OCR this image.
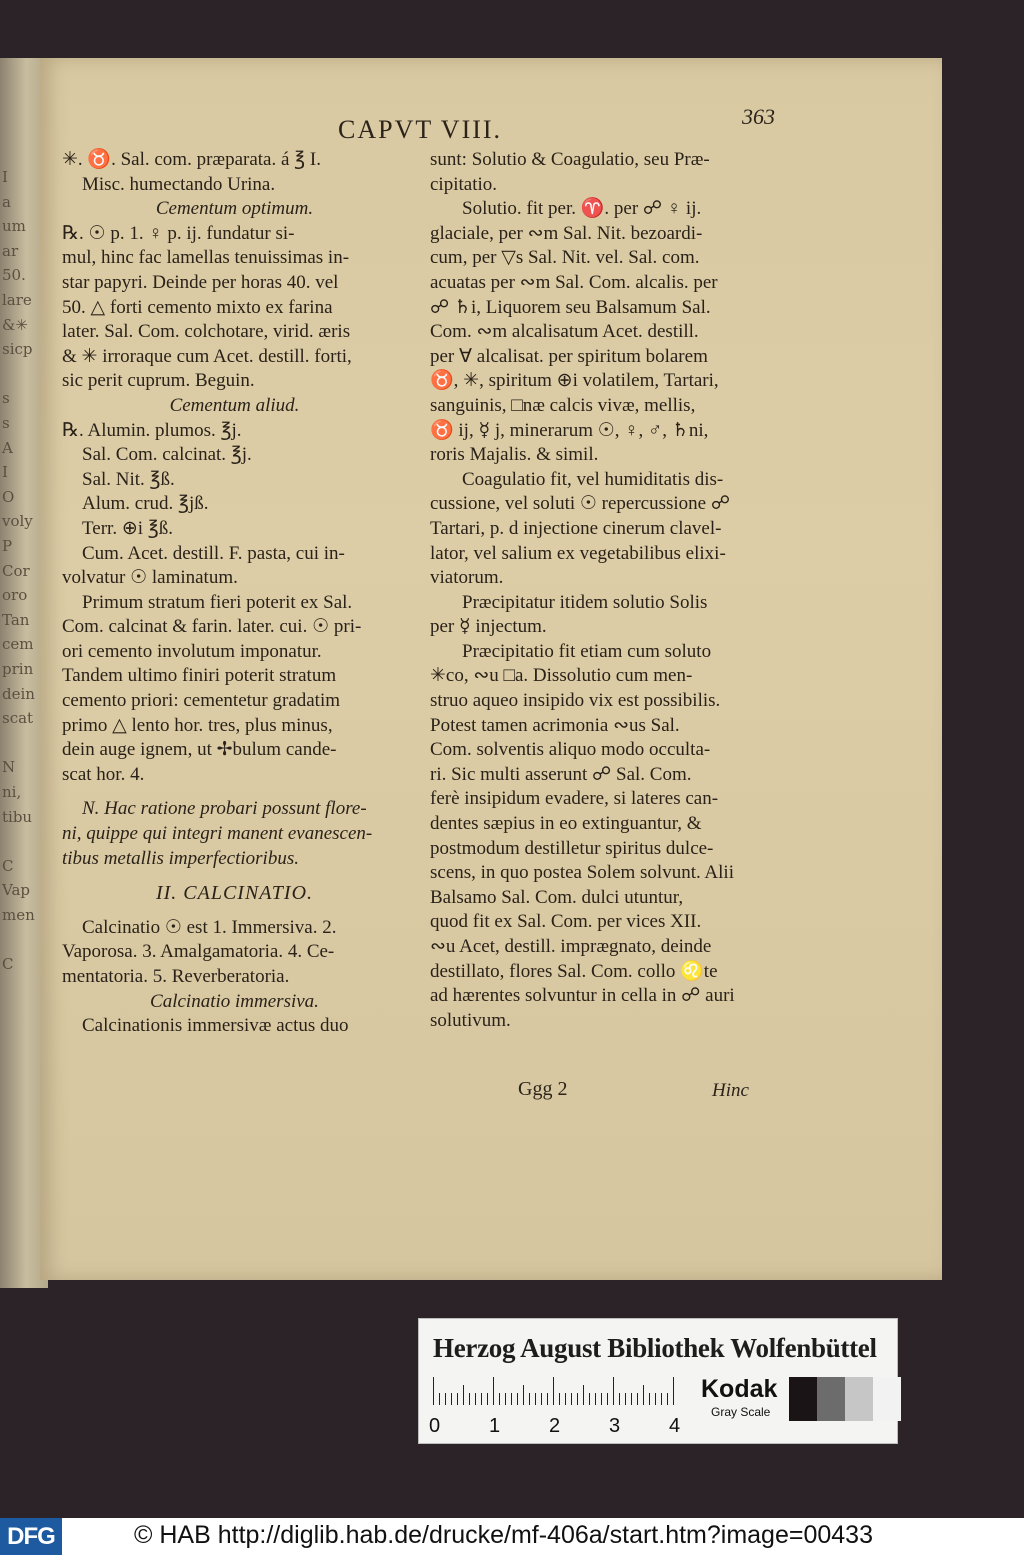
I
a
um
ar
50.
lare
&✳
sicp
s
s
A
I
O
voly
P
Cor
oro
Tan
cem
prin
dein
scat
N
ni,
tibu
C
Vap
men
C
CAPVT VIII.	363
✳. ♉. Sal. com. præparata. á ℥ I.
Misc. humectando Urina.
Cementum optimum.
℞. ☉ p. 1. ♀ p. ij. fundatur si-
mul, hinc fac lamellas tenuissimas in-
star papyri. Deinde per horas 40. vel
50. △ forti cemento mixto ex farina
later. Sal. Com. colchotare, virid. æris
& ✳ irroraque cum Acet. destill. forti,
sic perit cuprum. Beguin.
Cementum aliud.
℞. Alumin. plumos. ℥j.
Sal. Com. calcinat. ℥j.
Sal. Nit. ℥ß.
Alum. crud. ℥jß.
Terr. ⊕i ℥ß.
Cum. Acet. destill. F. pasta, cui in-
volvatur ☉ laminatum.
Primum stratum fieri poterit ex Sal.
Com. calcinat & farin. later. cui. ☉ pri-
ori cemento involutum imponatur.
Tandem ultimo finiri poterit stratum
cemento priori: cementetur gradatim
primo △ lento hor. tres, plus minus,
dein auge ignem, ut ✢bulum cande-
scat hor. 4.
N. Hac ratione probari possunt flore-
ni, quippe qui integri manent evanescen-
tibus metallis imperfectioribus.
II. CALCINATIO.
Calcinatio ☉ est 1. Immersiva. 2.
Vaporosa. 3. Amalgamatoria. 4. Ce-
mentatoria. 5. Reverberatoria.
Calcinatio immersiva.
Calcinationis immersivæ actus duo
sunt: Solutio & Coagulatio, seu Præ-
cipitatio.
Solutio. fit per. ♈. per ☍ ♀ ij.
glaciale, per ∾m Sal. Nit. bezoardi-
cum, per ▽s Sal. Nit. vel. Sal. com.
acuatas per ∾m Sal. Com. alcalis. per
☍ ♄i, Liquorem seu Balsamum Sal.
Com. ∾m alcalisatum Acet. destill.
per ∀ alcalisat. per spiritum bolarem
♉, ✳, spiritum ⊕i volatilem, Tartari,
sanguinis, □næ calcis vivæ, mellis,
♉ ij, ☿ j, minerarum ☉, ♀, ♂, ♄ni,
roris Majalis. & simil.
Coagulatio fit, vel humiditatis dis-
cussione, vel soluti ☉ repercussione ☍
Tartari, p. d injectione cinerum clavel-
lator, vel salium ex vegetabilibus elixi-
viatorum.
Præcipitatur itidem solutio Solis
per ☿ injectum.
Præcipitatio fit etiam cum soluto
✳co, ∾u □a. Dissolutio cum men-
struo aqueo insipido vix est possibilis.
Potest tamen acrimonia ∾us Sal.
Com. solventis aliquo modo occulta-
ri. Sic multi asserunt ☍ Sal. Com.
ferè insipidum evadere, si lateres can-
dentes sæpius in eo extinguantur, &
postmodum destilletur spiritus dulce-
scens, in quo postea Solem solvunt. Alii
Balsamo Sal. Com. dulci utuntur,
quod fit ex Sal. Com. per vices XII.
∾u Acet, destill. imprægnato, deinde
destillato, flores Sal. Com. collo ♌te
ad hærentes solvuntur in cella in ☍ auri
solutivum.
Ggg 2	Hinc
Herzog August Bibliothek Wolfenbüttel
Kodak
Gray Scale
0 1 2 3 4
DFG	© HAB http://diglib.hab.de/drucke/mf-406a/start.htm?image=00433
